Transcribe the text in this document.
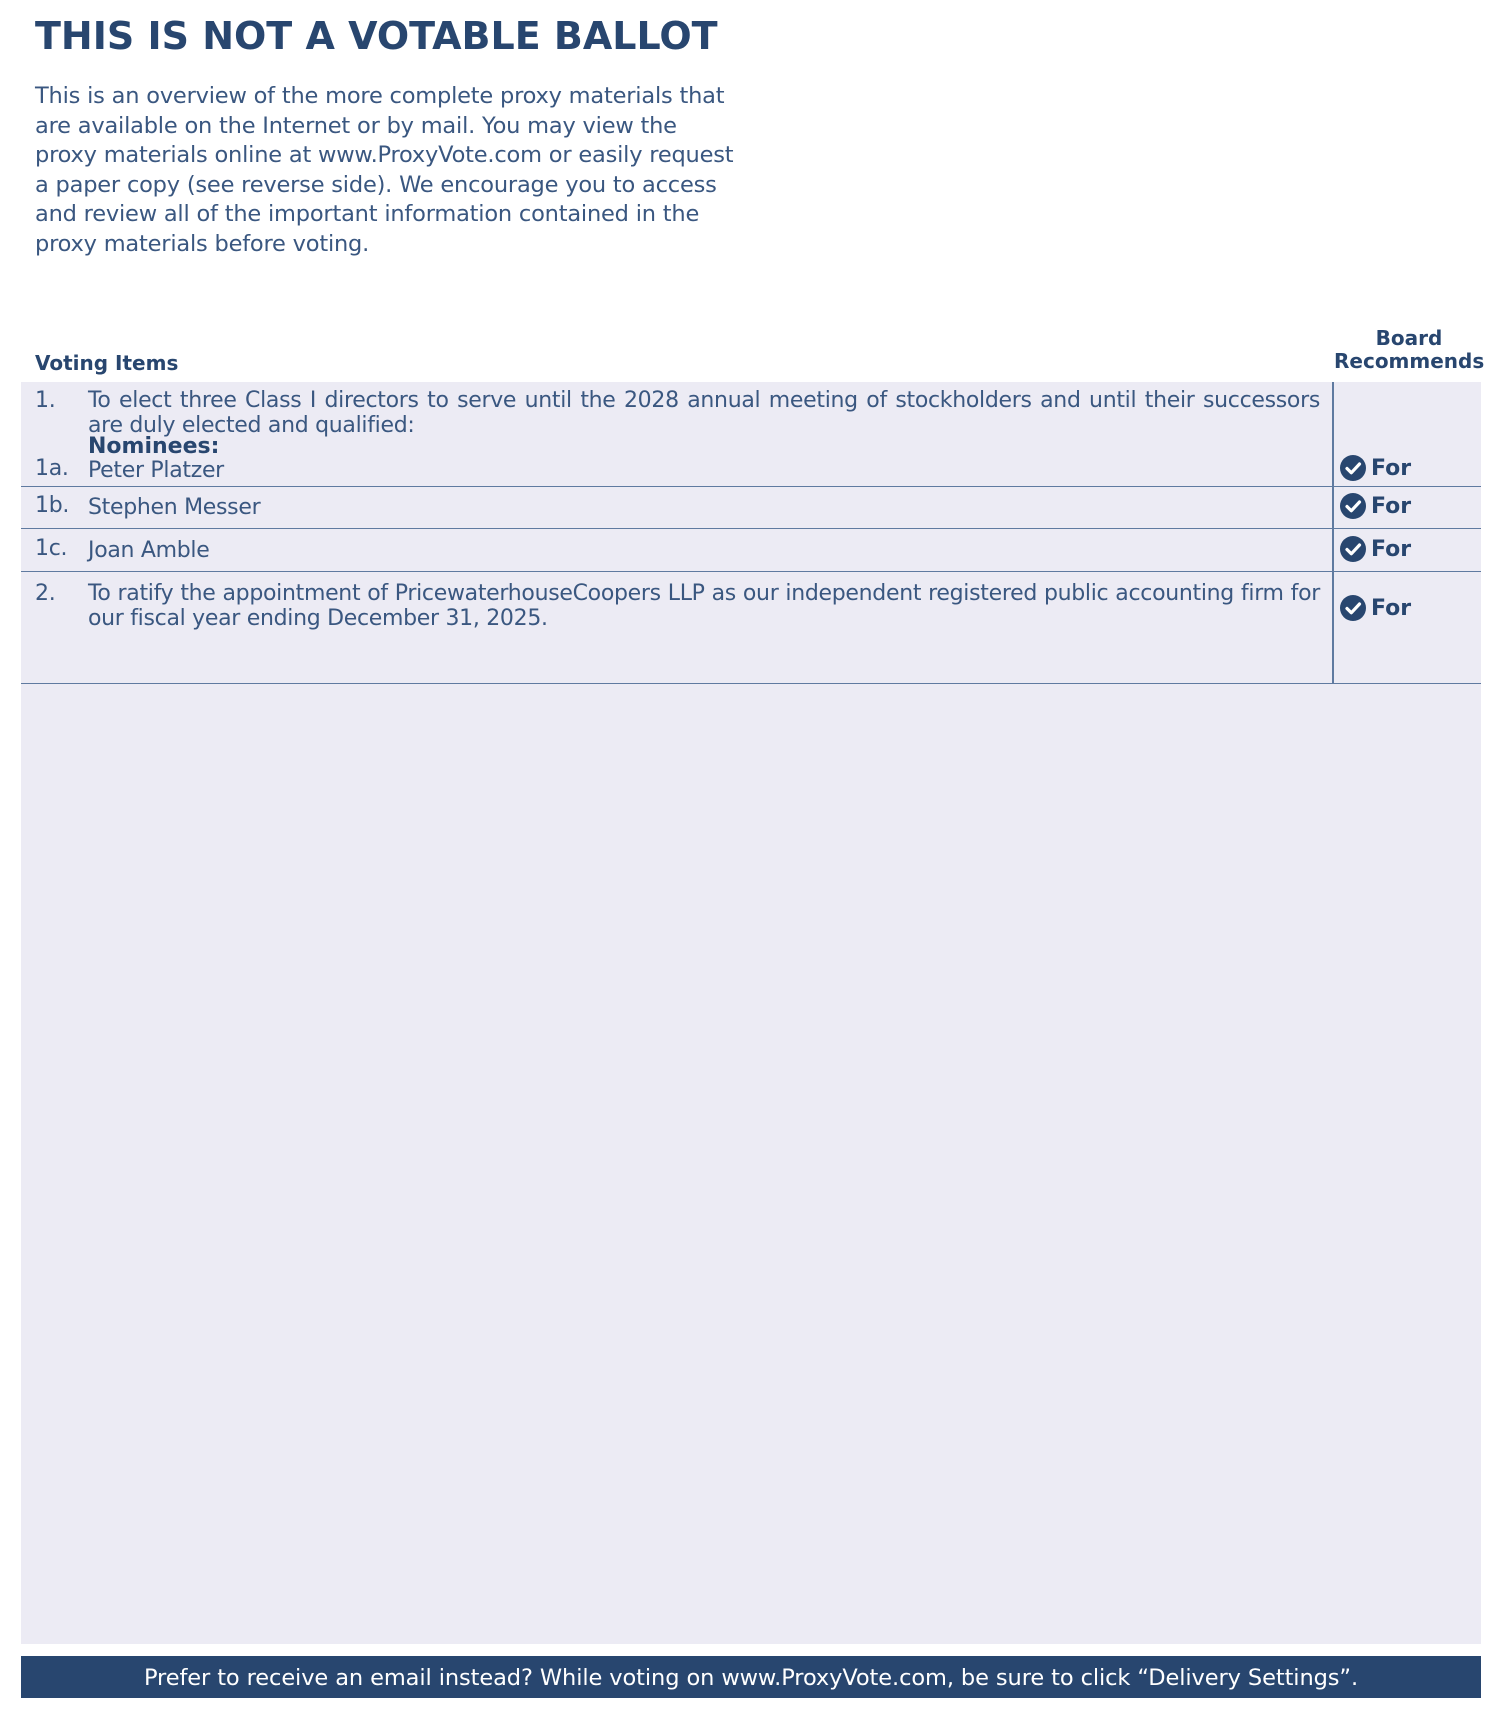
THIS IS NOT A VOTABLE BALLOT

This is an overview of the more complete proxy materials that are available on the Internet or by mail. You may view the proxy materials online at www.ProxyVote.com or easily request a paper copy (see reverse side). We encourage you to access and review all of the important information contained in the proxy materials before voting.

Voting Items
Board
Recommends
1. To elect three Class I directors to serve until the 2028 annual meeting of stockholders and until their successors are duly elected and qualified:
Nominees:
1a. Peter Platzer	For
1b. Stephen Messer	For
1c. Joan Amble	For
2. To ratify the appointment of PricewaterhouseCoopers LLP as our independent registered public accounting firm for our fiscal year ending December 31, 2025.	For
Prefer to receive an email instead? While voting on www.ProxyVote.com, be sure to click “Delivery Settings”.
